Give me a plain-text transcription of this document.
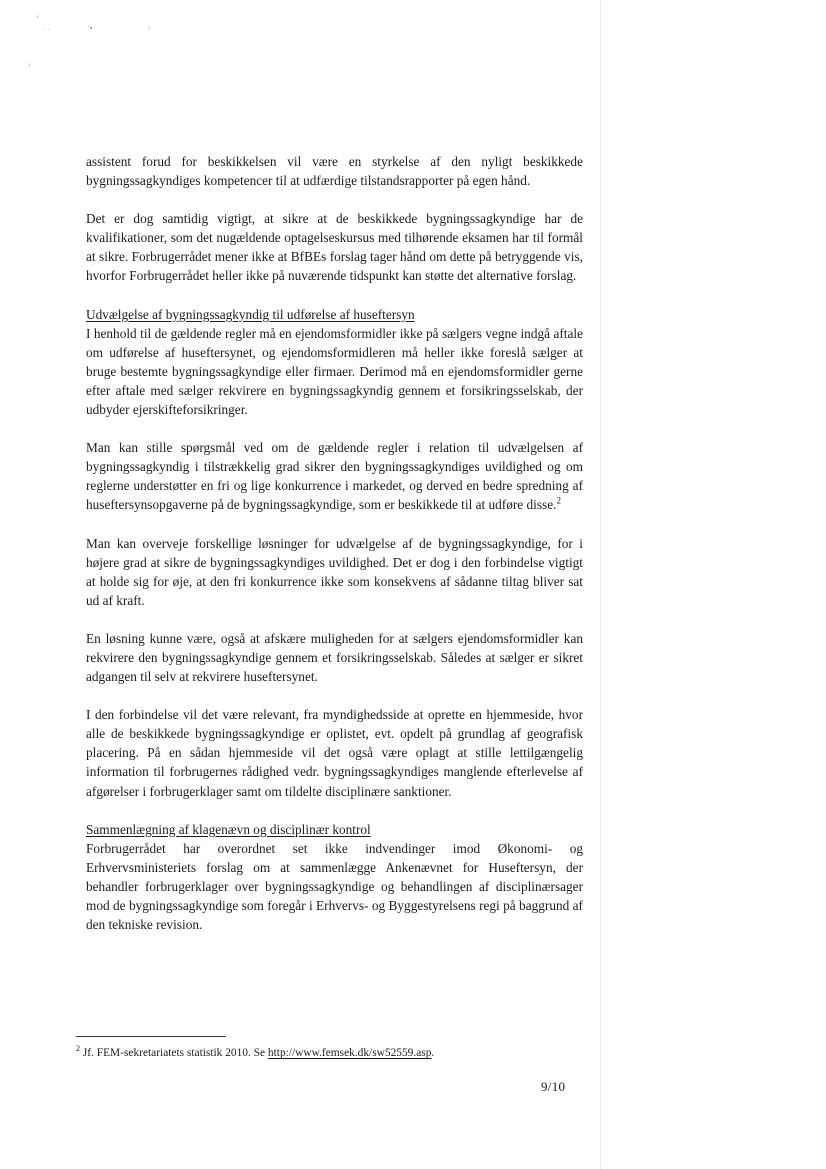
’
· ·	ʹ​•	‹
‘

assistent forud for beskikkelsen vil være en styrkelse af den nyligt beskikkede bygningssagkyndiges kompetencer til at udfærdige tilstandsrapporter på egen hånd.

Det er dog samtidig vigtigt, at sikre at de beskikkede bygningssagkyndige har de kvalifikationer, som det nugældende optagelseskursus med tilhørende eksamen har til formål at sikre. Forbrugerrådet mener ikke at BfBEs forslag tager hånd om dette på betryggende vis, hvorfor Forbrugerrådet heller ikke på nuværende tidspunkt kan støtte det alternative forslag.

Udvælgelse af bygningssagkyndig til udførelse af huseftersyn

I henhold til de gældende regler må en ejendomsformidler ikke på sælgers vegne indgå aftale om udførelse af huseftersynet, og ejendomsformidleren må heller ikke foreslå sælger at bruge bestemte bygningssagkyndige eller firmaer. Derimod må en ejendomsformidler gerne efter aftale med sælger rekvirere en bygningssagkyndig gennem et forsikringsselskab, der udbyder ejerskifteforsikringer.

Man kan stille spørgsmål ved om de gældende regler i relation til udvælgelsen af bygningssagkyndig i tilstrækkelig grad sikrer den bygningssagkyndiges uvildighed og om reglerne understøtter en fri og lige konkurrence i markedet, og derved en bedre spredning af huseftersynsopgaverne på de bygningssagkyndige, som er beskikkede til at udføre disse.$^2$

Man kan overveje forskellige løsninger for udvælgelse af de bygningssagkyndige, for i højere grad at sikre de bygningssagkyndiges uvildighed. Det er dog i den forbindelse vigtigt at holde sig for øje, at den fri konkurrence ikke som konsekvens af sådanne tiltag bliver sat ud af kraft.

En løsning kunne være, også at afskære muligheden for at sælgers ejendomsformidler kan rekvirere den bygningssagkyndige gennem et forsikringsselskab. Således at sælger er sikret adgangen til selv at rekvirere huseftersynet.

I den forbindelse vil det være relevant, fra myndighedsside at oprette en hjemmeside, hvor alle de beskikkede bygningssagkyndige er oplistet, evt. opdelt på grundlag af geografisk placering. På en sådan hjemmeside vil det også være oplagt at stille lettilgængelig information til forbrugernes rådighed vedr. bygningssagkyndiges manglende efterlevelse af afgørelser i forbrugerklager samt om tildelte disciplinære sanktioner.

Sammenlægning af klagenævn og disciplinær kontrol

Forbrugerrådet har overordnet set ikke indvendinger imod Økonomi- og Erhvervsministeriets forslag om at sammenlægge Ankenævnet for Huseftersyn, der behandler forbrugerklager over bygningssagkyndige og behandlingen af disciplinærsager mod de bygningssagkyndige som foregår i Erhvervs- og Byggestyrelsens regi på baggrund af den tekniske revision.

$^2$ Jf. FEM-sekretariatets statistik 2010. Se http://www.femsek.dk/sw52559.asp.

9/10
